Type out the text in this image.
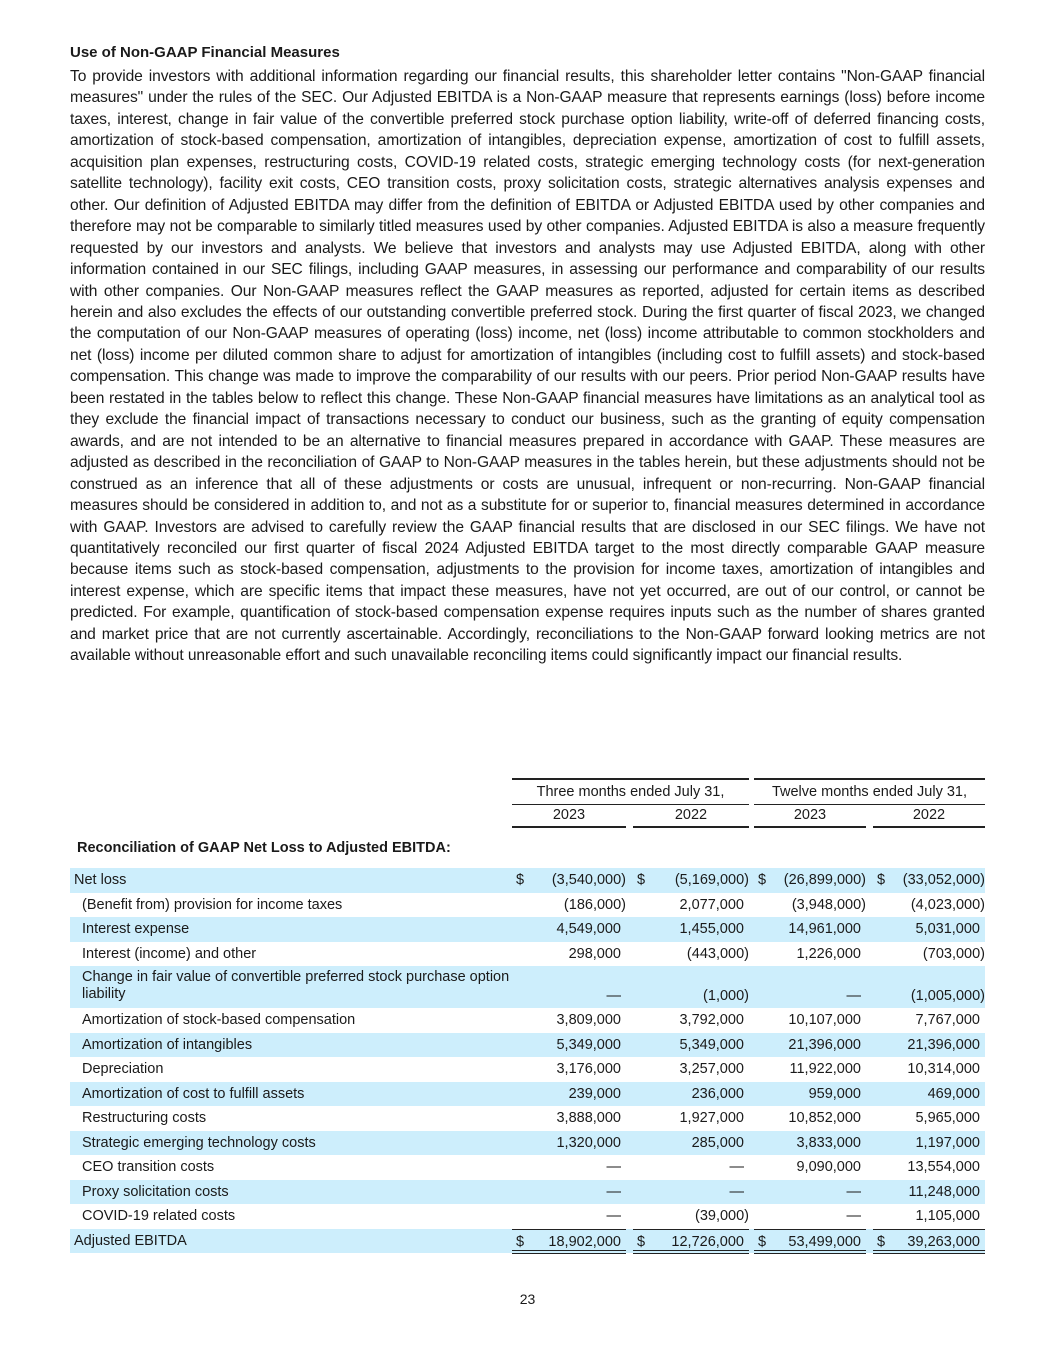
Use of Non-GAAP Financial Measures
To provide investors with additional information regarding our financial results, this shareholder letter contains "Non-GAAP financial measures" under the rules of the SEC. Our Adjusted EBITDA is a Non-GAAP measure that represents earnings (loss) before income taxes, interest, change in fair value of the convertible preferred stock purchase option liability, write-off of deferred financing costs, amortization of stock-based compensation, amortization of intangibles, depreciation expense, amortization of cost to fulfill assets, acquisition plan expenses, restructuring costs, COVID-19 related costs, strategic emerging technology costs (for next-generation satellite technology), facility exit costs, CEO transition costs, proxy solicitation costs, strategic alternatives analysis expenses and other. Our definition of Adjusted EBITDA may differ from the definition of EBITDA or Adjusted EBITDA used by other companies and therefore may not be comparable to similarly titled measures used by other companies. Adjusted EBITDA is also a measure frequently requested by our investors and analysts. We believe that investors and analysts may use Adjusted EBITDA, along with other information contained in our SEC filings, including GAAP measures, in assessing our performance and comparability of our results with other companies. Our Non-GAAP measures reflect the GAAP measures as reported, adjusted for certain items as described herein and also excludes the effects of our outstanding convertible preferred stock. During the first quarter of fiscal 2023, we changed the computation of our Non-GAAP measures of operating (loss) income, net (loss) income attributable to common stockholders and net (loss) income per diluted common share to adjust for amortization of intangibles (including cost to fulfill assets) and stock-based compensation. This change was made to improve the comparability of our results with our peers. Prior period Non-GAAP results have been restated in the tables below to reflect this change. These Non-GAAP financial measures have limitations as an analytical tool as they exclude the financial impact of transactions necessary to conduct our business, such as the granting of equity compensation awards, and are not intended to be an alternative to financial measures prepared in accordance with GAAP. These measures are adjusted as described in the reconciliation of GAAP to Non-GAAP measures in the tables herein, but these adjustments should not be construed as an inference that all of these adjustments or costs are unusual, infrequent or non-recurring. Non-GAAP financial measures should be considered in addition to, and not as a substitute for or superior to, financial measures determined in accordance with GAAP. Investors are advised to carefully review the GAAP financial results that are disclosed in our SEC filings. We have not quantitatively reconciled our first quarter of fiscal 2024 Adjusted EBITDA target to the most directly comparable GAAP measure because items such as stock-based compensation, adjustments to the provision for income taxes, amortization of intangibles and interest expense, which are specific items that impact these measures, have not yet occurred, are out of our control, or cannot be predicted. For example, quantification of stock-based compensation expense requires inputs such as the number of shares granted and market price that are not currently ascertainable. Accordingly, reconciliations to the Non-GAAP forward looking metrics are not available without unreasonable effort and such unavailable reconciling items could significantly impact our financial results.
Three months ended July 31,	Twelve months ended July 31,
2023	2022	2023	2022
Reconciliation of GAAP Net Loss to Adjusted EBITDA:
Net loss	$ (3,540,000) $ (5,169,000) $ (26,899,000) $ (33,052,000)
(Benefit from) provision for income taxes	(186,000)	2,077,000	(3,948,000)	(4,023,000)
Interest expense	4,549,000	1,455,000	14,961,000	5,031,000
Interest (income) and other	298,000	(443,000)	1,226,000	(703,000)
Change in fair value of convertible preferred stock purchase option liability	—	(1,000)	—	(1,005,000)
Amortization of stock-based compensation	3,809,000	3,792,000	10,107,000	7,767,000
Amortization of intangibles	5,349,000	5,349,000	21,396,000	21,396,000
Depreciation	3,176,000	3,257,000	11,922,000	10,314,000
Amortization of cost to fulfill assets	239,000	236,000	959,000	469,000
Restructuring costs	3,888,000	1,927,000	10,852,000	5,965,000
Strategic emerging technology costs	1,320,000	285,000	3,833,000	1,197,000
CEO transition costs	—	—	9,090,000	13,554,000
Proxy solicitation costs	—	—	—	11,248,000
COVID-19 related costs	—	(39,000)	—	1,105,000
Adjusted EBITDA	$ 18,902,000 $ 12,726,000 $ 53,499,000 $ 39,263,000
23
